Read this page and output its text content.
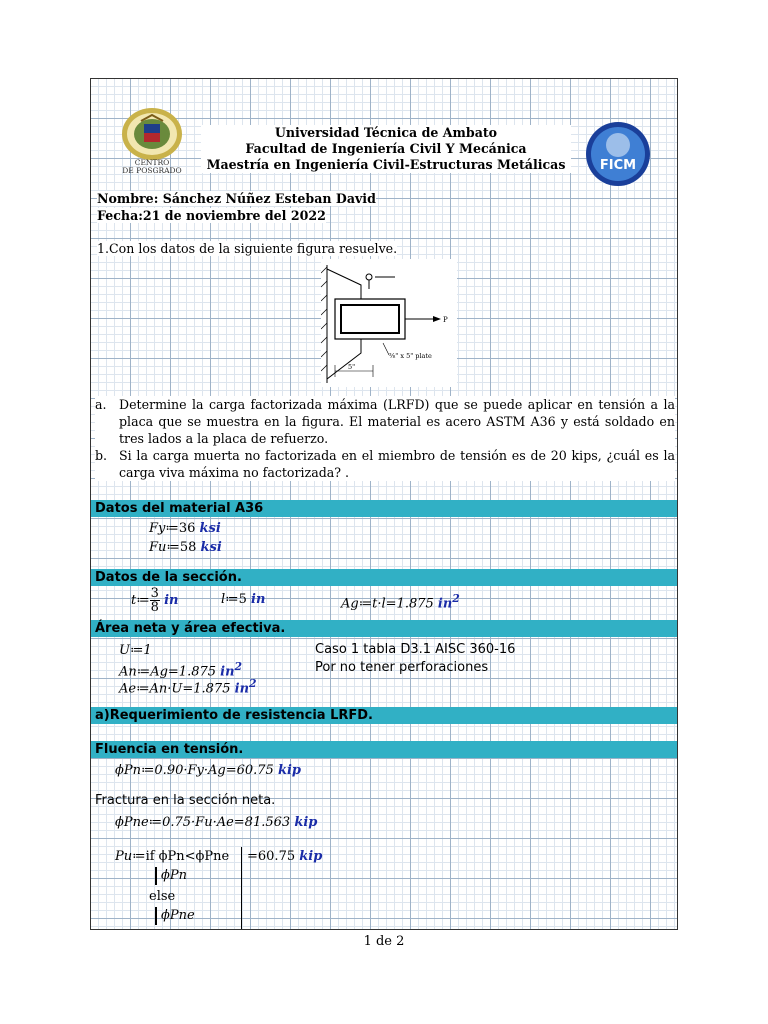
CENTRO
DE POSGRADO
Universidad Técnica de Ambato
Facultad de Ingeniería Civil Y Mecánica
Maestría en Ingeniería Civil-Estructuras Metálicas	FICM
Nombre: Sánchez Núñez Esteban David
Fecha:21 de noviembre del 2022
1.Con los datos de la siguiente figura resuelve.
P
⅜" x 5" plate
5"
a. Determine la carga factorizada máxima (LRFD) que se puede aplicar en tensión a la placa que se muestra en la figura. El material es acero ASTM A36 y está soldado en tres lados a la placa de refuerzo.
b. Si la carga muerta no factorizada en el miembro de tensión es de 20 kips, ¿cuál es la carga viva máxima no factorizada? .
Datos del material A36
Fy≔36 ksi
Fu≔58 ksi
Datos de la sección.
t≔ $\frac{3}{8}$ in	l≔5 in	Ag≔t·l=1.875 $in^2$
Área neta y área efectiva.
U≔1
An≔Ag=1.875 $in^2$
Ae≔An·U=1.875 $in^2$
Caso 1 tabla D3.1 AISC 360-16
Por no tener perforaciones
a)Requerimiento de resistencia LRFD.
Fluencia en tensión.
ϕPn≔0.90·Fy·Ag=60.75 kip
Fractura en la sección neta.
ϕPne≔0.75·Fu·Ae=81.563 kip
Pu≔if ϕPn<ϕPne =60.75 kip
ϕPn
else
ϕPne
1 de 2
